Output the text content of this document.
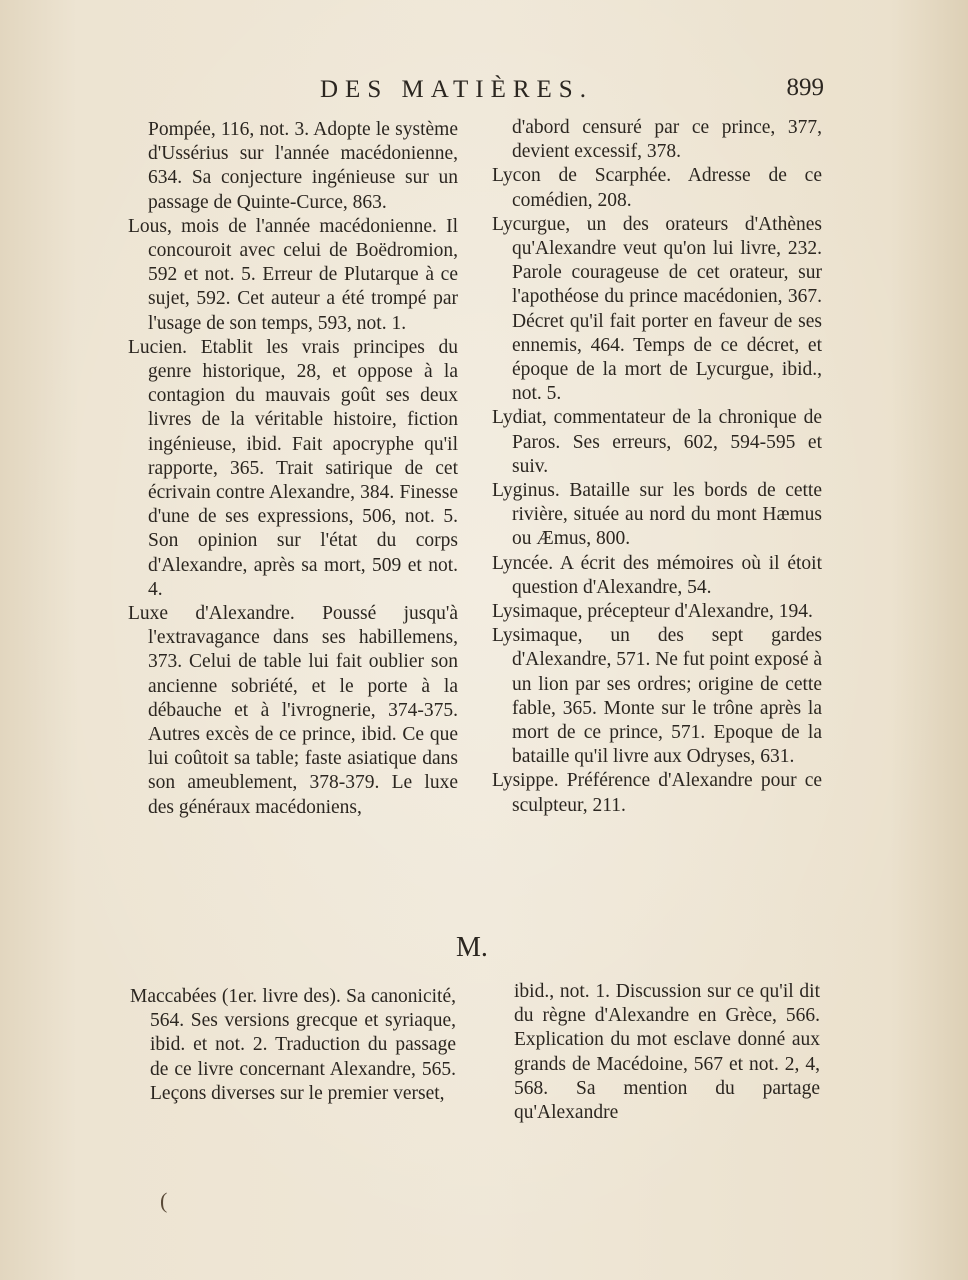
DES MATIÈRES.	899
Pompée, 116, not. 3. Adopte le système d'Ussérius sur l'année macédonienne, 634. Sa conjecture ingénieuse sur un passage de Quinte-Curce, 863.
Lous, mois de l'année macédonienne. Il concouroit avec celui de Boëdromion, 592 et not. 5. Erreur de Plutarque à ce sujet, 592. Cet auteur a été trompé par l'usage de son temps, 593, not. 1.
Lucien. Etablit les vrais principes du genre historique, 28, et oppose à la contagion du mauvais goût ses deux livres de la véritable histoire, fiction ingénieuse, ibid. Fait apocryphe qu'il rapporte, 365. Trait satirique de cet écrivain contre Alexandre, 384. Finesse d'une de ses expressions, 506, not. 5. Son opinion sur l'état du corps d'Alexandre, après sa mort, 509 et not. 4.
Luxe d'Alexandre. Poussé jusqu'à l'extravagance dans ses habillemens, 373. Celui de table lui fait oublier son ancienne sobriété, et le porte à la débauche et à l'ivrognerie, 374-375. Autres excès de ce prince, ibid. Ce que lui coûtoit sa table; faste asiatique dans son ameublement, 378-379. Le luxe des généraux macédoniens,
d'abord censuré par ce prince, 377, devient excessif, 378.
Lycon de Scarphée. Adresse de ce comédien, 208.
Lycurgue, un des orateurs d'Athènes qu'Alexandre veut qu'on lui livre, 232. Parole courageuse de cet orateur, sur l'apothéose du prince macédonien, 367. Décret qu'il fait porter en faveur de ses ennemis, 464. Temps de ce décret, et époque de la mort de Lycurgue, ibid., not. 5.
Lydiat, commentateur de la chronique de Paros. Ses erreurs, 602, 594-595 et suiv.
Lyginus. Bataille sur les bords de cette rivière, située au nord du mont Hæmus ou Æmus, 800.
Lyncée. A écrit des mémoires où il étoit question d'Alexandre, 54.
Lysimaque, précepteur d'Alexandre, 194.
Lysimaque, un des sept gardes d'Alexandre, 571. Ne fut point exposé à un lion par ses ordres; origine de cette fable, 365. Monte sur le trône après la mort de ce prince, 571. Epoque de la bataille qu'il livre aux Odryses, 631.
Lysippe. Préférence d'Alexandre pour ce sculpteur, 211.
M.
Maccabées (1er. livre des). Sa canonicité, 564. Ses versions grecque et syriaque, ibid. et not. 2. Traduction du passage de ce livre concernant Alexandre, 565. Leçons diverses sur le premier verset,
ibid., not. 1. Discussion sur ce qu'il dit du règne d'Alexandre en Grèce, 566. Explication du mot esclave donné aux grands de Macédoine, 567 et not. 2, 4, 568. Sa mention du partage qu'Alexandre
(
